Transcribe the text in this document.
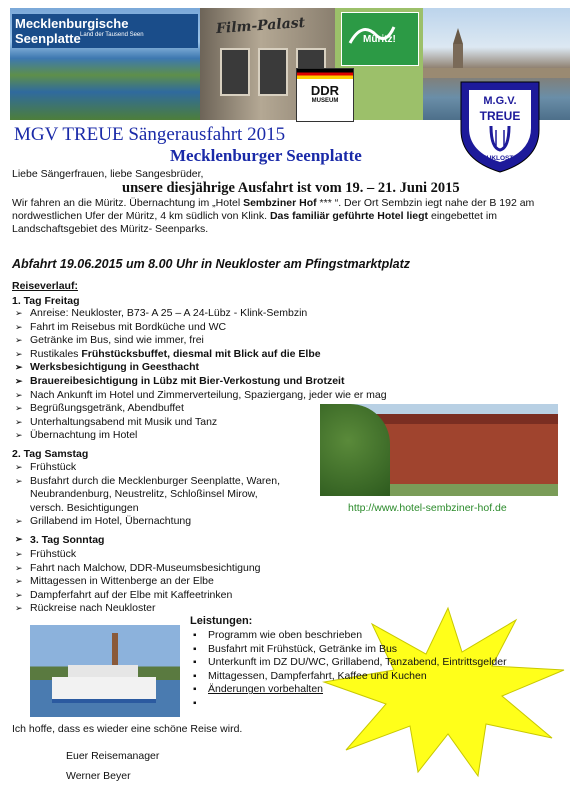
Mecklenburgische Seenplatte Land der Tausend Seen	Film-Palast
Müritz!
DDR
MUSEUM	M.G.V.
TREUE
NEUKLOSTER
MGV TREUE Sängerausfahrt 2015
Mecklenburger Seenplatte
Liebe Sängerfrauen, liebe Sangesbrüder,
unsere diesjährige Ausfahrt ist vom 19. – 21. Juni 2015
Wir fahren an die Müritz. Übernachtung im „Hotel Sembziner Hof *** “. Der Ort Sembzin iegt nahe der B 192 am nordwestlichen Ufer der Müritz, 4 km südlich von Klink. Das familiär geführte Hotel liegt eingebettet im Landschaftsgebiet des Müritz- Seenparks.
Abfahrt 19.06.2015 um 8.00 Uhr in Neukloster am Pfingstmarktplatz
Reiseverlauf:
1. Tag Freitag
➢ Anreise: Neukloster, B73- A 25 – A 24-Lübz - Klink-Sembzin
➢ Fahrt im Reisebus mit Bordküche und WC
➢ Getränke im Bus, sind wie immer, frei
➢ Rustikales Frühstücksbuffet, diesmal mit Blick auf die Elbe
➢ Werksbesichtigung in Geesthacht
➢ Brauereibesichtigung in Lübz mit Bier-Verkostung und Brotzeit
➢ Nach Ankunft im Hotel und Zimmerverteilung, Spaziergang, jeder wie er mag
➢ Begrüßungsgetränk, Abendbuffet
➢ Unterhaltungsabend mit Musik und Tanz
➢ Übernachtung im Hotel
2. Tag Samstag
➢ Frühstück
➢ Busfahrt durch die Mecklenburger Seenplatte, Waren,
Neubrandenburg, Neustrelitz, Schloßinsel Mirow,
versch. Besichtigungen
➢ Grillabend im Hotel, Übernachtung
http://www.hotel-sembziner-hof.de
➢ 3. Tag Sonntag
➢ Frühstück
➢ Fahrt nach Malchow, DDR-Museumsbesichtigung
➢ Mittagessen in Wittenberge an der Elbe
➢ Dampferfahrt auf der Elbe mit Kaffeetrinken
➢ Rückreise nach Neukloster
Leistungen:
▪ Programm wie oben beschrieben
▪ Busfahrt mit Frühstück, Getränke im Bus
▪ Unterkunft im DZ DU/WC, Grillabend, Tanzabend, Eintrittsgelder
▪ Mittagessen, Dampferfahrt, Kaffee und Kuchen
▪ Änderungen vorbehalten
▪
Ich hoffe, dass es wieder eine schöne Reise wird.
Euer Reisemanager
Werner Beyer
